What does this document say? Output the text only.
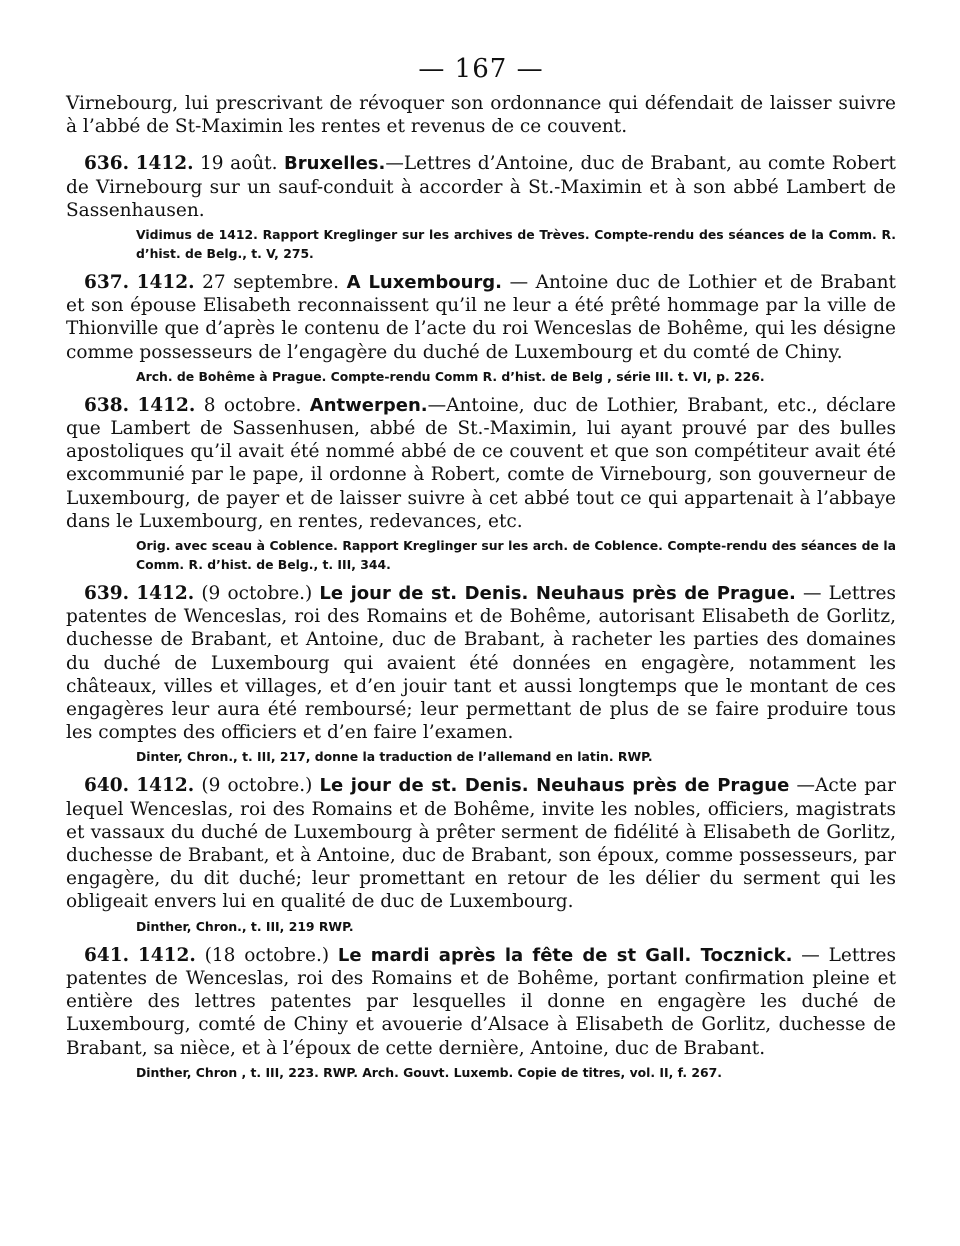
— 167 —

Virnebourg, lui prescrivant de révoquer son ordonnance qui défendait de laisser suivre à l’abbé de St-Maximin les rentes et revenus de ce couvent.

636. 1412. 19 août. Bruxelles.—Lettres d’Antoine, duc de Brabant, au comte Robert de Virnebourg sur un sauf-conduit à accorder à St.-Maximin et à son abbé Lambert de Sassenhausen.

Vidimus de 1412. Rapport Kreglinger sur les archives de Trèves. Compte-rendu des séances de la Comm. R. d’hist. de Belg., t. V, 275.

637. 1412. 27 septembre. A Luxembourg. — Antoine duc de Lothier et de Brabant et son épouse Elisabeth reconnaissent qu’il ne leur a été prêté hommage par la ville de Thionville que d’après le contenu de l’acte du roi Wenceslas de Bohême, qui les désigne comme possesseurs de l’engagère du duché de Luxembourg et du comté de Chiny.

Arch. de Bohême à Prague. Compte-rendu Comm R. d’hist. de Belg , série III. t. VI, p. 226.

638. 1412. 8 octobre. Antwerpen.—Antoine, duc de Lothier, Brabant, etc., déclare que Lambert de Sassenhusen, abbé de St.-Maximin, lui ayant prouvé par des bulles apostoliques qu’il avait été nommé abbé de ce couvent et que son compétiteur avait été excommunié par le pape, il ordonne à Robert, comte de Virnebourg, son gouverneur de Luxembourg, de payer et de laisser suivre à cet abbé tout ce qui appartenait à l’abbaye dans le Luxembourg, en rentes, redevances, etc.

Orig. avec sceau à Coblence. Rapport Kreglinger sur les arch. de Coblence. Compte-rendu des séances de la Comm. R. d’hist. de Belg., t. III, 344.

639. 1412. (9 octobre.) Le jour de st. Denis. Neuhaus près de Prague. — Lettres patentes de Wenceslas, roi des Romains et de Bohême, autorisant Elisabeth de Gorlitz, duchesse de Brabant, et Antoine, duc de Brabant, à racheter les parties des domaines du duché de Luxembourg qui avaient été données en engagère, notamment les châteaux, villes et villages, et d’en jouir tant et aussi longtemps que le montant de ces engagères leur aura été remboursé; leur permettant de plus de se faire produire tous les comptes des officiers et d’en faire l’examen.

Dinter, Chron., t. III, 217, donne la traduction de l’allemand en latin. RWP.

640. 1412. (9 octobre.) Le jour de st. Denis. Neuhaus près de Prague —Acte par lequel Wenceslas, roi des Romains et de Bohême, invite les nobles, officiers, magistrats et vassaux du duché de Luxembourg à prêter serment de fidélité à Elisabeth de Gorlitz, duchesse de Brabant, et à Antoine, duc de Brabant, son époux, comme possesseurs, par engagère, du dit duché; leur promettant en retour de les délier du serment qui les obligeait envers lui en qualité de duc de Luxembourg.

Dinther, Chron., t. III, 219 RWP.

641. 1412. (18 octobre.) Le mardi après la fête de st Gall. Tocznick. — Lettres patentes de Wenceslas, roi des Romains et de Bohême, portant confirmation pleine et entière des lettres patentes par lesquelles il donne en engagère les duché de Luxembourg, comté de Chiny et avouerie d’Alsace à Elisabeth de Gorlitz, duchesse de Brabant, sa nièce, et à l’époux de cette dernière, Antoine, duc de Brabant.

Dinther, Chron , t. III, 223. RWP. Arch. Gouvt. Luxemb. Copie de titres, vol. II, f. 267.
